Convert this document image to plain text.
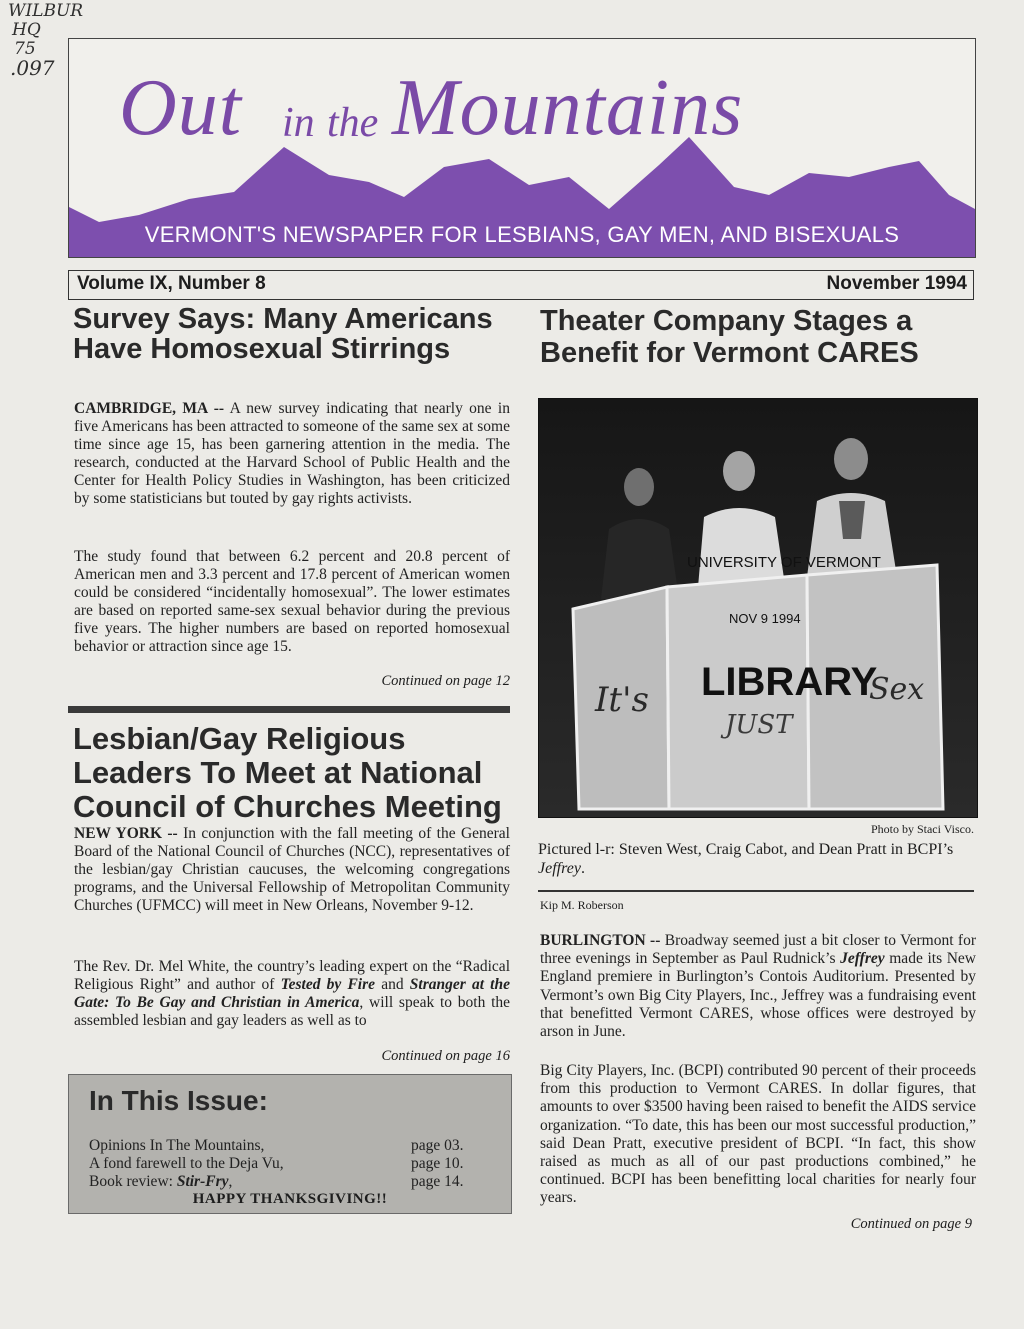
WILBUR
HQ
75
.097 Out in the Mountains
VERMONT'S NEWSPAPER FOR LESBIANS, GAY MEN, AND BISEXUALS
Volume IX, Number 8	November 1994
Survey Says: Many Americans Have Homosexual Stirrings
CAMBRIDGE, MA -- A new survey indicating that nearly one in five Americans has been attracted to someone of the same sex at some time since age 15, has been garnering attention in the media. The research, conducted at the Harvard School of Public Health and the Center for Health Policy Studies in Washington, has been criticized by some statisticians but touted by gay rights activists.
The study found that between 6.2 percent and 20.8 percent of American men and 3.3 percent and 17.8 percent of American women could be considered “incidentally homosexual”. The lower estimates are based on reported same-sex sexual behavior during the previous five years. The higher numbers are based on reported homosexual behavior or attraction since age 15.
Continued on page 12
Lesbian/Gay Religious Leaders To Meet at National Council of Churches Meeting
NEW YORK -- In conjunction with the fall meeting of the General Board of the National Council of Churches (NCC), representatives of the lesbian/gay Christian caucuses, the welcoming congregations programs, and the Universal Fellowship of Metropolitan Community Churches (UFMCC) will meet in New Orleans, November 9-12.
The Rev. Dr. Mel White, the country’s leading expert on the “Radical Religious Right” and author of Tested by Fire and Stranger at the Gate: To Be Gay and Christian in America, will speak to both the assembled lesbian and gay leaders as well as to
Continued on page 16
In This Issue:
Opinions In The Mountains,	page 03.
A fond farewell to the Deja Vu,	page 10.
Book review: Stir-Fry,	page 14.
HAPPY THANKSGIVING!!
Theater Company Stages a Benefit for Vermont CARES
UNIVERSITY OF VERMONT
NOV 9 1994
It's LIBRARY
JUST
Sex
Photo by Staci Visco.
Pictured l-r: Steven West, Craig Cabot, and Dean Pratt in BCPI’s Jeffrey.
Kip M. Roberson
BURLINGTON -- Broadway seemed just a bit closer to Vermont for three evenings in September as Paul Rudnick’s Jeffrey made its New England premiere in Burlington’s Contois Auditorium. Presented by Vermont’s own Big City Players, Inc., Jeffrey was a fundraising event that benefitted Vermont CARES, whose offices were destroyed by arson in June.
Big City Players, Inc. (BCPI) contributed 90 percent of their proceeds from this production to Vermont CARES. In dollar figures, that amounts to over $3500 having been raised to benefit the AIDS service organization. “To date, this has been our most successful production,” said Dean Pratt, executive president of BCPI. “In fact, this show raised as much as all of our past productions combined,” he continued. BCPI has been benefitting local charities for nearly four years.
Continued on page 9
